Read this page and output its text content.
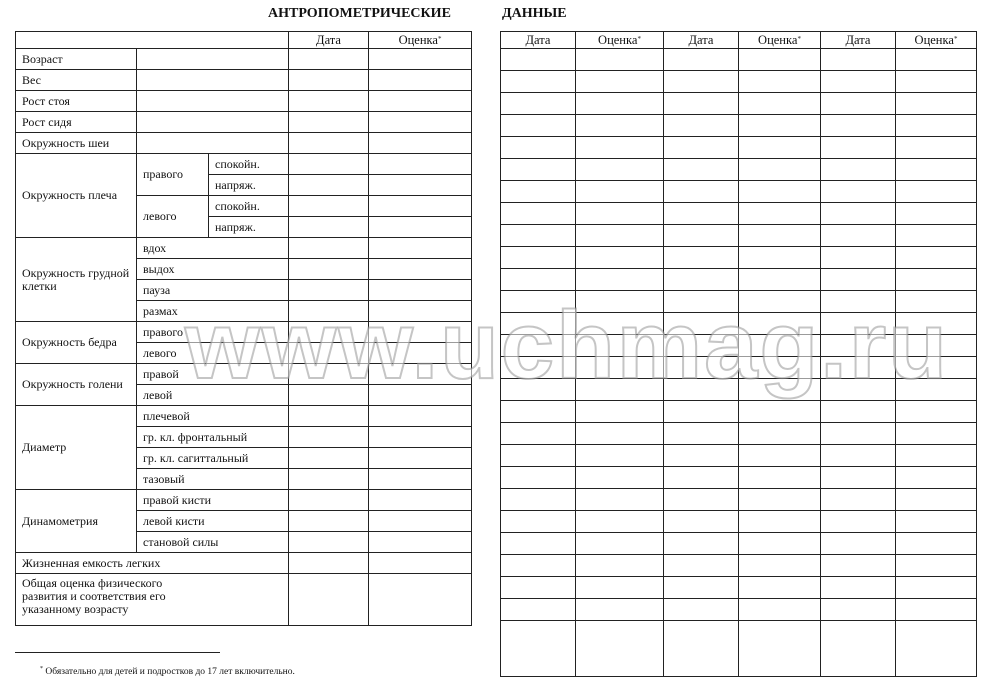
АНТРОПОМЕТРИЧЕСКИЕ	ДАННЫЕ
			Дата	Оценка*
Возраст				
Вес				
Рост стоя				
Рост сидя				
Окружность шеи				
Окружность плеча	правого	спокойн.		
		напряж.		
	левого	спокойн.		
		напряж.		
Окружность грудной клетки	вдох			
	выдох			
	пауза			
	размах			
Окружность бедра	правого			
	левого			
Окружность голени	правой			
	левой			
Диаметр	плечевой			
	гр. кл. фронтальный			
	гр. кл. сагиттальный			
	тазовый			
Динамометрия	правой кисти			
	левой кисти			
	становой силы			
Жизненная емкость легких				
Общая оценка физического развития и соответствия его указанному возрасту				
Дата	Оценка*	Дата	Оценка*	Дата	Оценка*

www.uchmag.ru
* Обязательно для детей и подростков до 17 лет включительно.
